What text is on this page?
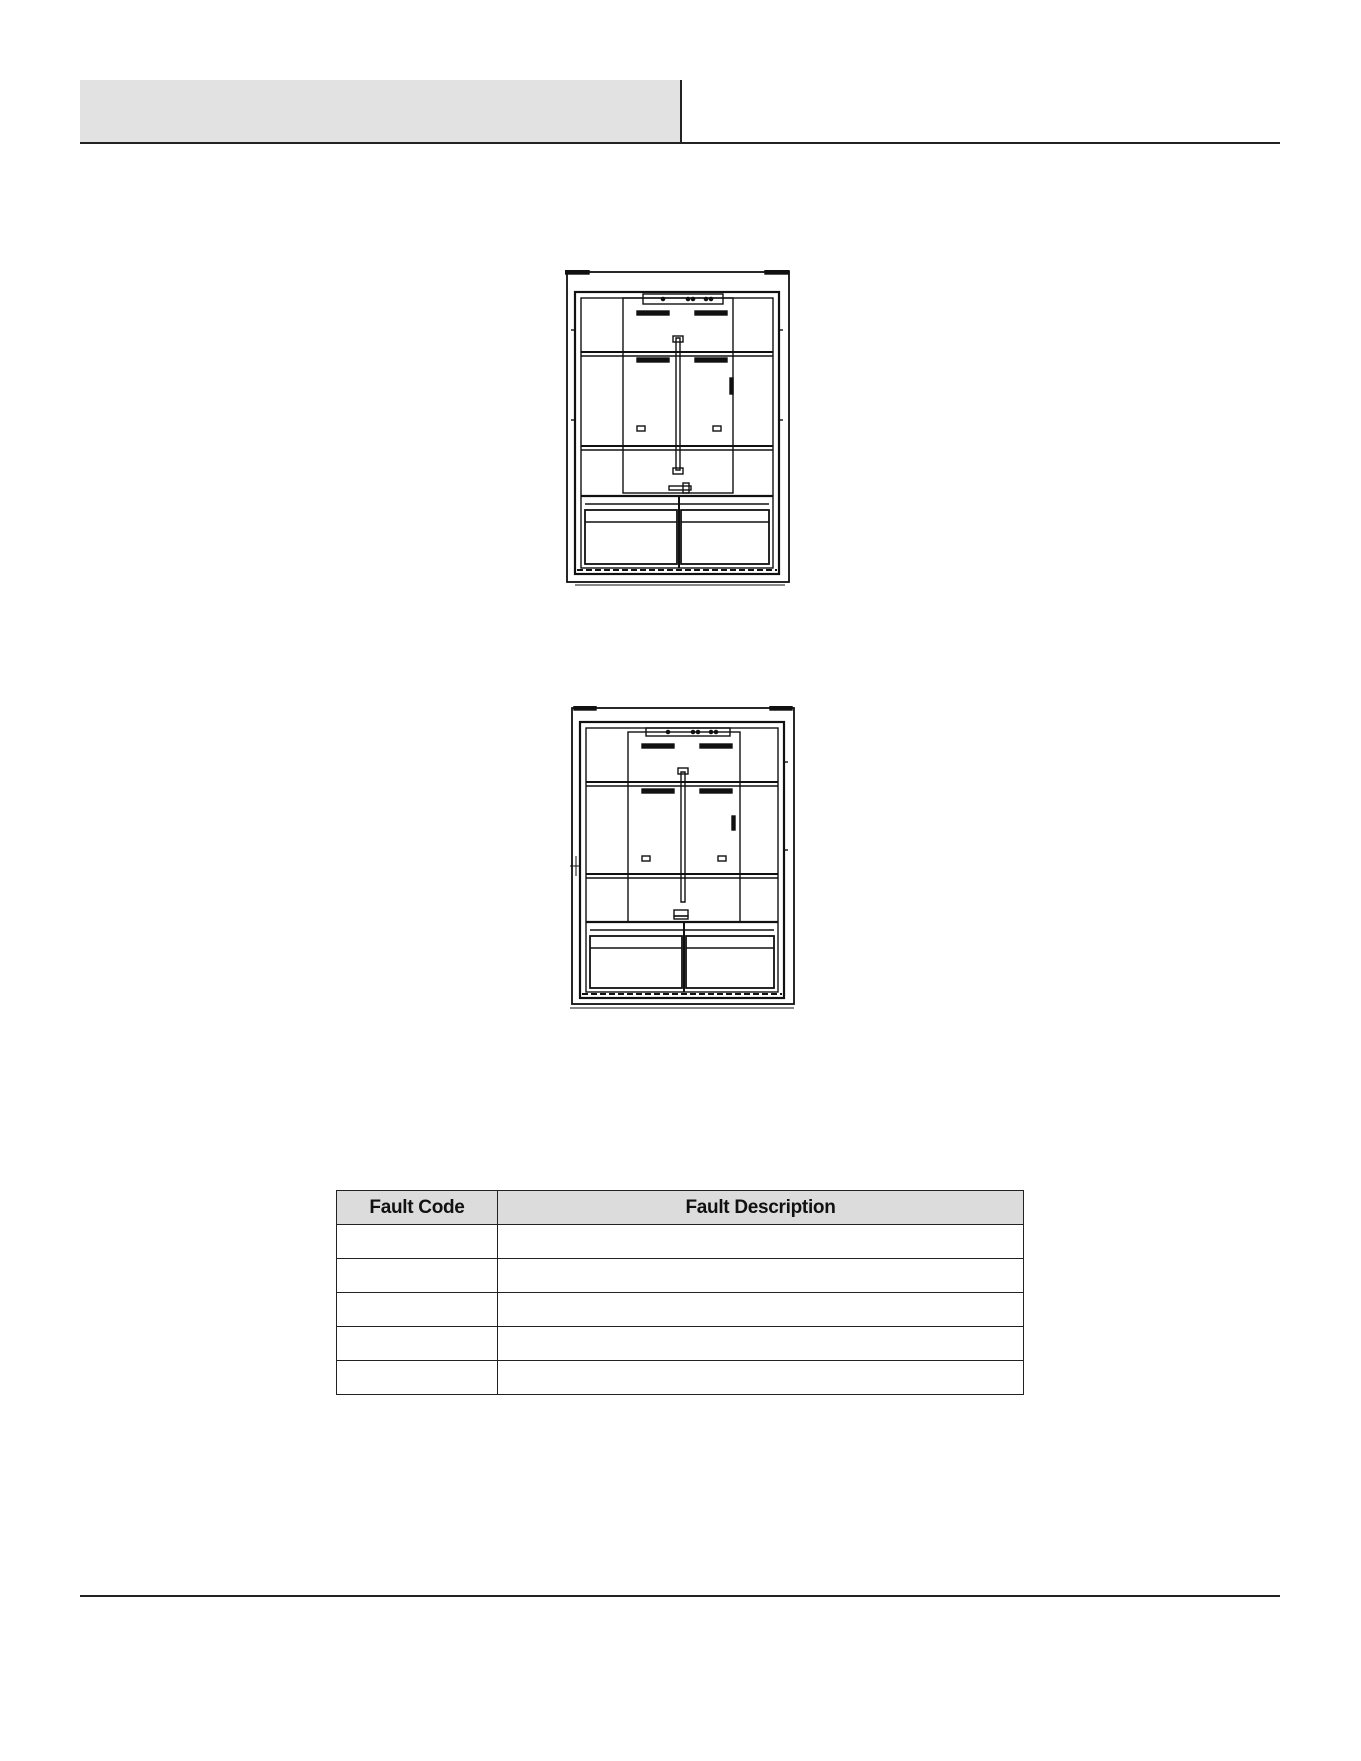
Fault Code	Fault Description
